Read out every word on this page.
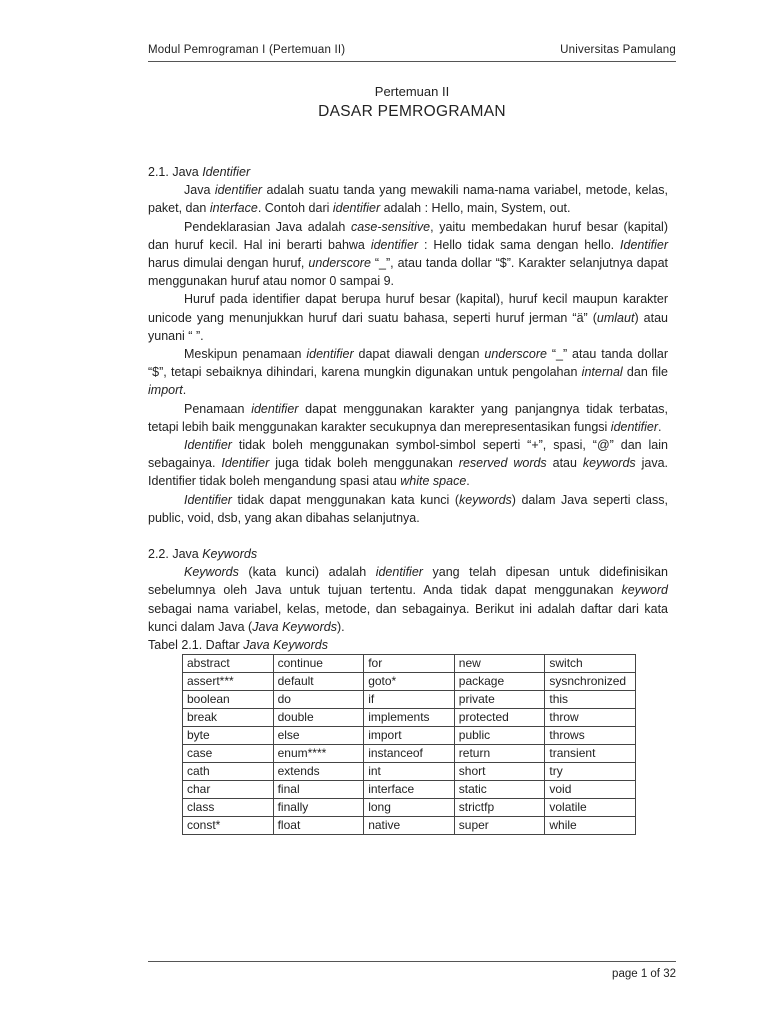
Modul Pemrograman I (Pertemuan II)	Universitas Pamulang
Pertemuan II
DASAR PEMROGRAMAN

2.1. Java Identifier

Java identifier adalah suatu tanda yang mewakili nama-nama variabel, metode, kelas, paket, dan interface. Contoh dari identifier adalah : Hello, main, System, out.

Pendeklarasian Java adalah case-sensitive, yaitu membedakan huruf besar (kapital) dan huruf kecil. Hal ini berarti bahwa identifier : Hello tidak sama dengan hello. Identifier harus dimulai dengan huruf, underscore “_”, atau tanda dollar “$”. Karakter selanjutnya dapat menggunakan huruf atau nomor 0 sampai 9.

Huruf pada identifier dapat berupa huruf besar (kapital), huruf kecil maupun karakter unicode yang menunjukkan huruf dari suatu bahasa, seperti huruf jerman “ä” (umlaut) atau yunani “ ”.

Meskipun penamaan identifier dapat diawali dengan underscore “_” atau tanda dollar “$”, tetapi sebaiknya dihindari, karena mungkin digunakan untuk pengolahan internal dan file import.

Penamaan identifier dapat menggunakan karakter yang panjangnya tidak terbatas, tetapi lebih baik menggunakan karakter secukupnya dan merepresentasikan fungsi identifier.

Identifier tidak boleh menggunakan symbol-simbol seperti “+”, spasi, “@” dan lain sebagainya. Identifier juga tidak boleh menggunakan reserved words atau keywords java. Identifier tidak boleh mengandung spasi atau white space.

Identifier tidak dapat menggunakan kata kunci (keywords) dalam Java seperti class, public, void, dsb, yang akan dibahas selanjutnya.

2.2. Java Keywords

Keywords (kata kunci) adalah identifier yang telah dipesan untuk didefinisikan sebelumnya oleh Java untuk tujuan tertentu. Anda tidak dapat menggunakan keyword sebagai nama variabel, kelas, metode, dan sebagainya. Berikut ini adalah daftar dari kata kunci dalam Java (Java Keywords).

Tabel 2.1. Daftar Java Keywords

abstract	continue	for	new	switch
assert***	default	goto*	package	sysnchronized
boolean	do	if	private	this
break	double	implements	protected	throw
byte	else	import	public	throws
case	enum****	instanceof	return	transient
cath	extends	int	short	try
char	final	interface	static	void
class	finally	long	strictfp	volatile
const*	float	native	super	while
page 1 of 32
